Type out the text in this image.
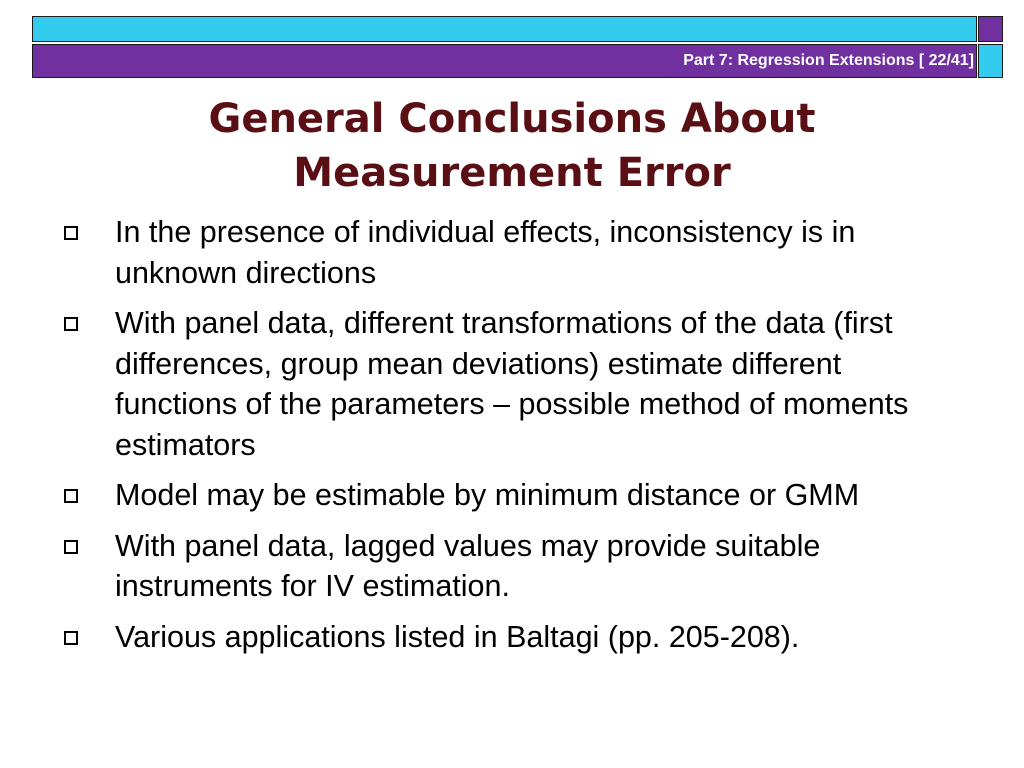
Part 7: Regression Extensions [ 22/41]
General Conclusions About
Measurement Error
In the presence of individual effects, inconsistency is in unknown directions
With panel data, different transformations of the data (first differences, group mean deviations) estimate different functions of the parameters – possible method of moments estimators
Model may be estimable by minimum distance or GMM
With panel data, lagged values may provide suitable instruments for IV estimation.
Various applications listed in Baltagi (pp. 205-208).
